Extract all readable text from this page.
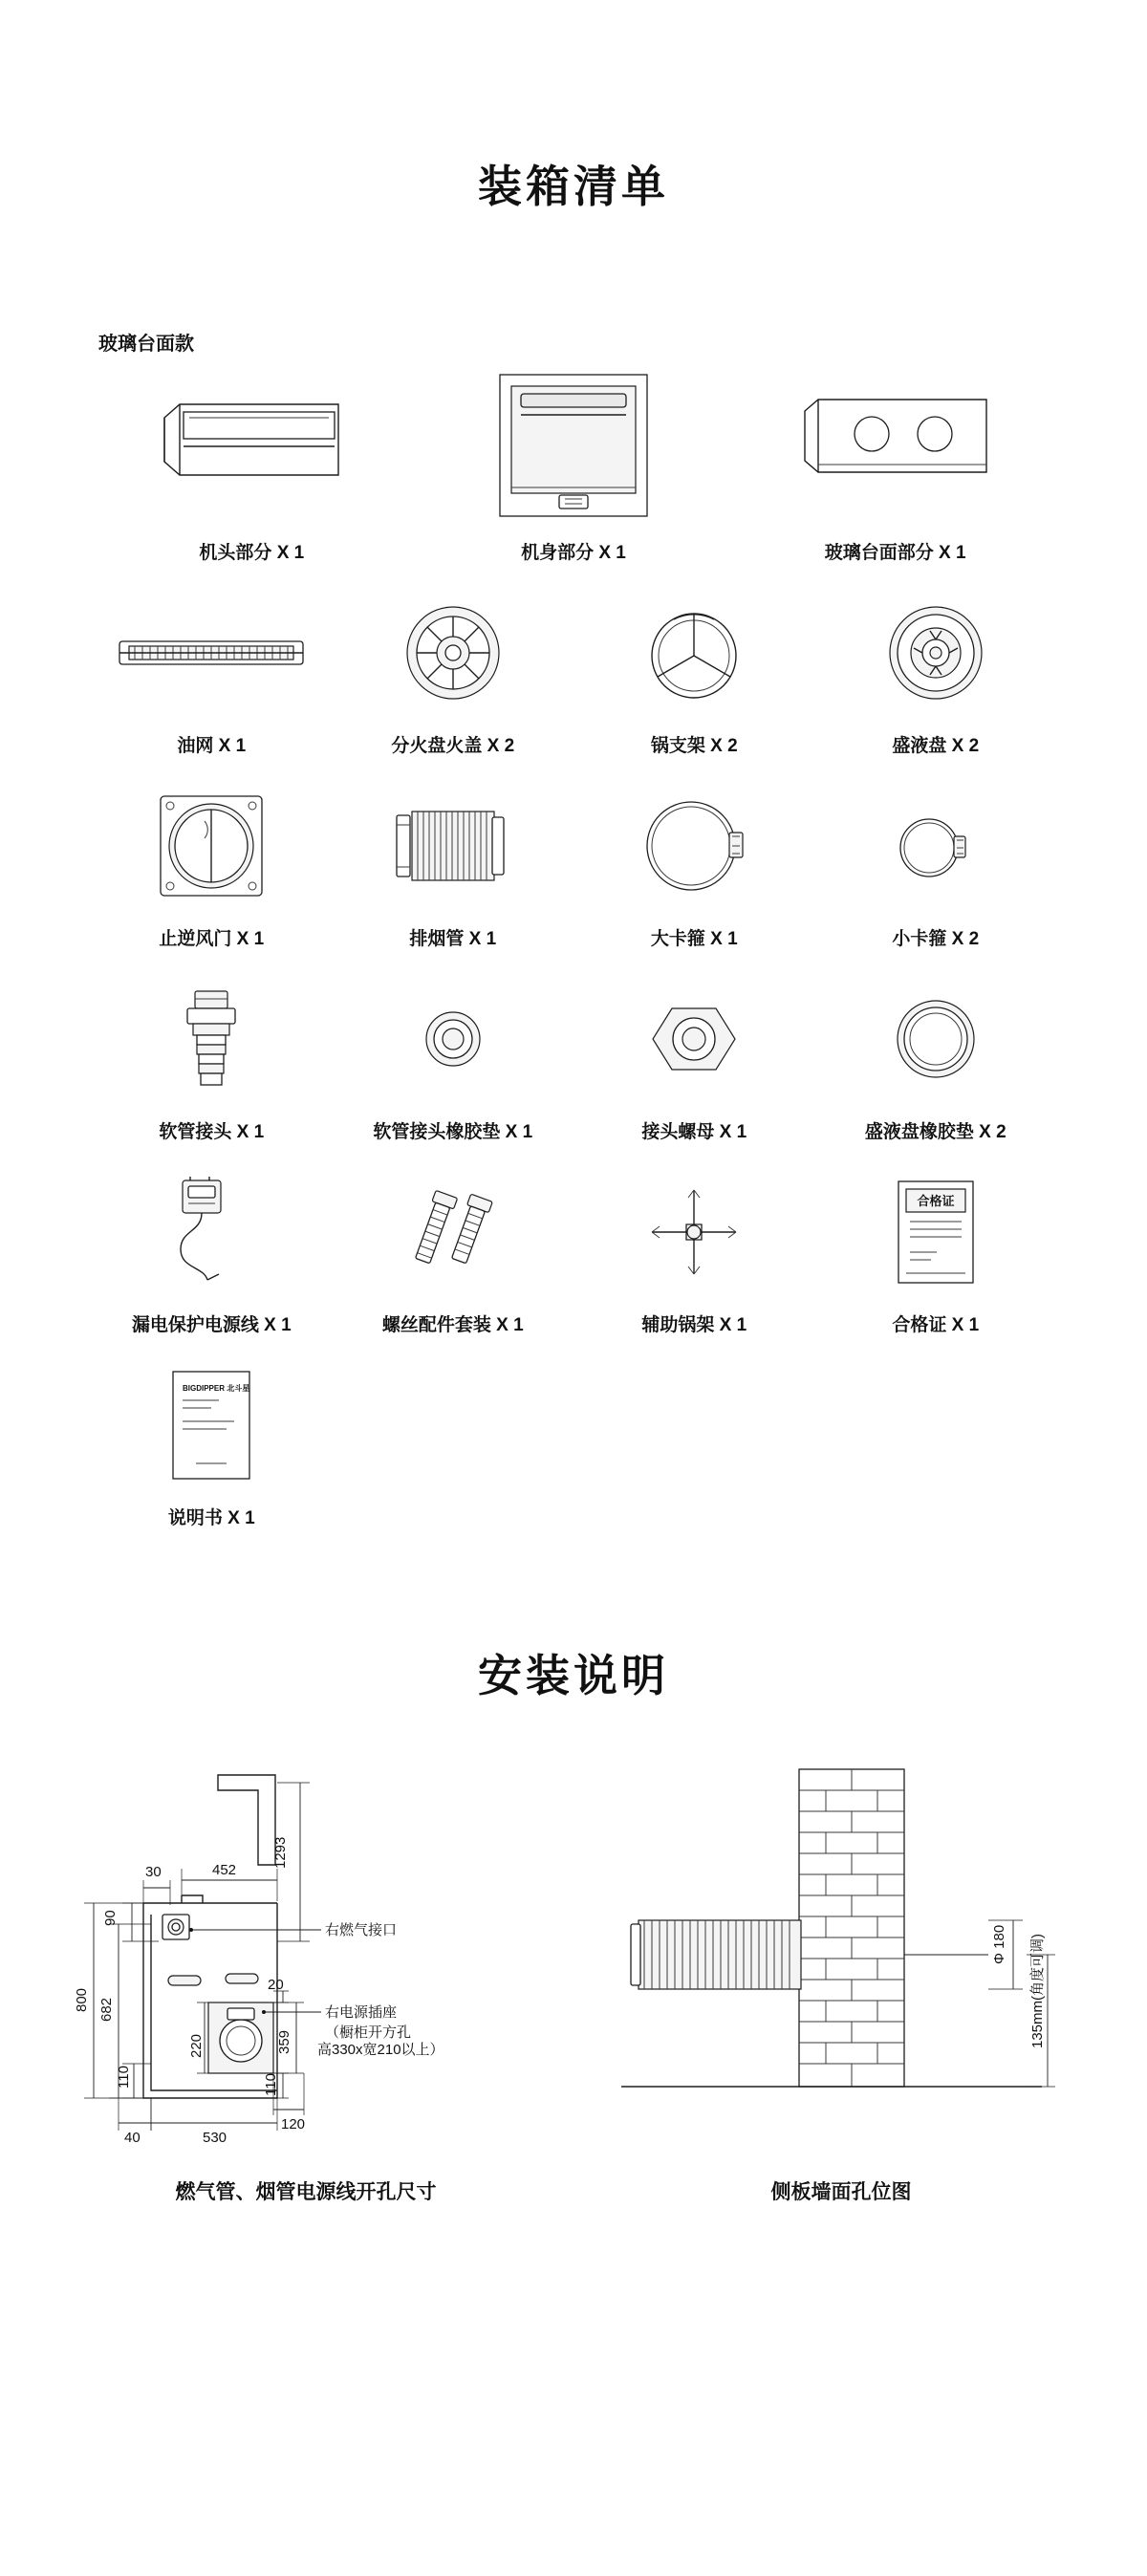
装箱清单
玻璃台面款
机头部分 X 1	机身部分 X 1	玻璃台面部分 X 1
油网 X 1	分火盘火盖 X 2	锅支架 X 2	盛液盘 X 2
止逆风门 X 1	排烟管 X 1	大卡箍 X 1	小卡箍 X 2
软管接头 X 1	软管接头橡胶垫 X 1	接头螺母 X 1	盛液盘橡胶垫 X 2
漏电保护电源线 X 1	螺丝配件套装 X 1	辅助锅架 X 1
合格证
合格证 X 1
BIGDIPPER 北斗星
说明书 X 1
安装说明
30	452
1293
90
800 682
110
220
20
359
110
40	530
120
右燃气接口
右电源插座
（橱柜开方孔
高330x宽210以上）
燃气管、烟管电源线开孔尺寸
Φ 180 135mm(角度可调)
侧板墙面孔位图
